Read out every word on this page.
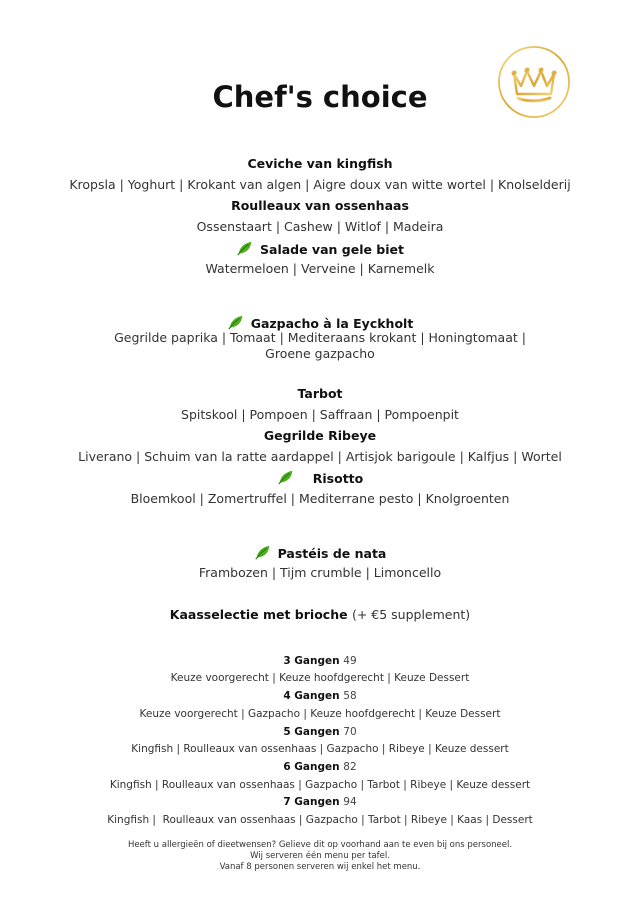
Chef's choice
Ceviche van kingfish
Kropsla | Yoghurt | Krokant van algen | Aigre doux van witte wortel | Knolselderij
Roulleaux van ossenhaas
Ossenstaart | Cashew | Witlof | Madeira
Salade van gele biet
Watermeloen | Verveine | Karnemelk
Gazpacho à la Eyckholt
Gegrilde paprika | Tomaat | Mediteraans krokant | Honingtomaat |
Groene gazpacho
Tarbot
Spitskool | Pompoen | Saffraan | Pompoenpit
Gegrilde Ribeye
Liverano | Schuim van la ratte aardappel | Artisjok barigoule | Kalfjus | Wortel
Risotto
Bloemkool | Zomertruffel | Mediterrane pesto | Knolgroenten
Pastéis de nata
Frambozen | Tijm crumble | Limoncello
Kaasselectie met brioche (+ €5 supplement)
3 Gangen 49
Keuze voorgerecht | Keuze hoofdgerecht | Keuze Dessert
4 Gangen 58
Keuze voorgerecht | Gazpacho | Keuze hoofdgerecht | Keuze Dessert
5 Gangen 70
Kingfish | Roulleaux van ossenhaas | Gazpacho | Ribeye | Keuze dessert
6 Gangen 82
Kingfish | Roulleaux van ossenhaas | Gazpacho | Tarbot | Ribeye | Keuze dessert
7 Gangen 94
Kingfish |  Roulleaux van ossenhaas | Gazpacho | Tarbot | Ribeye | Kaas | Dessert
Heeft u allergieën of dieetwensen? Gelieve dit op voorhand aan te even bij ons personeel.
Wij serveren één menu per tafel.
Vanaf 8 personen serveren wij enkel het menu.
